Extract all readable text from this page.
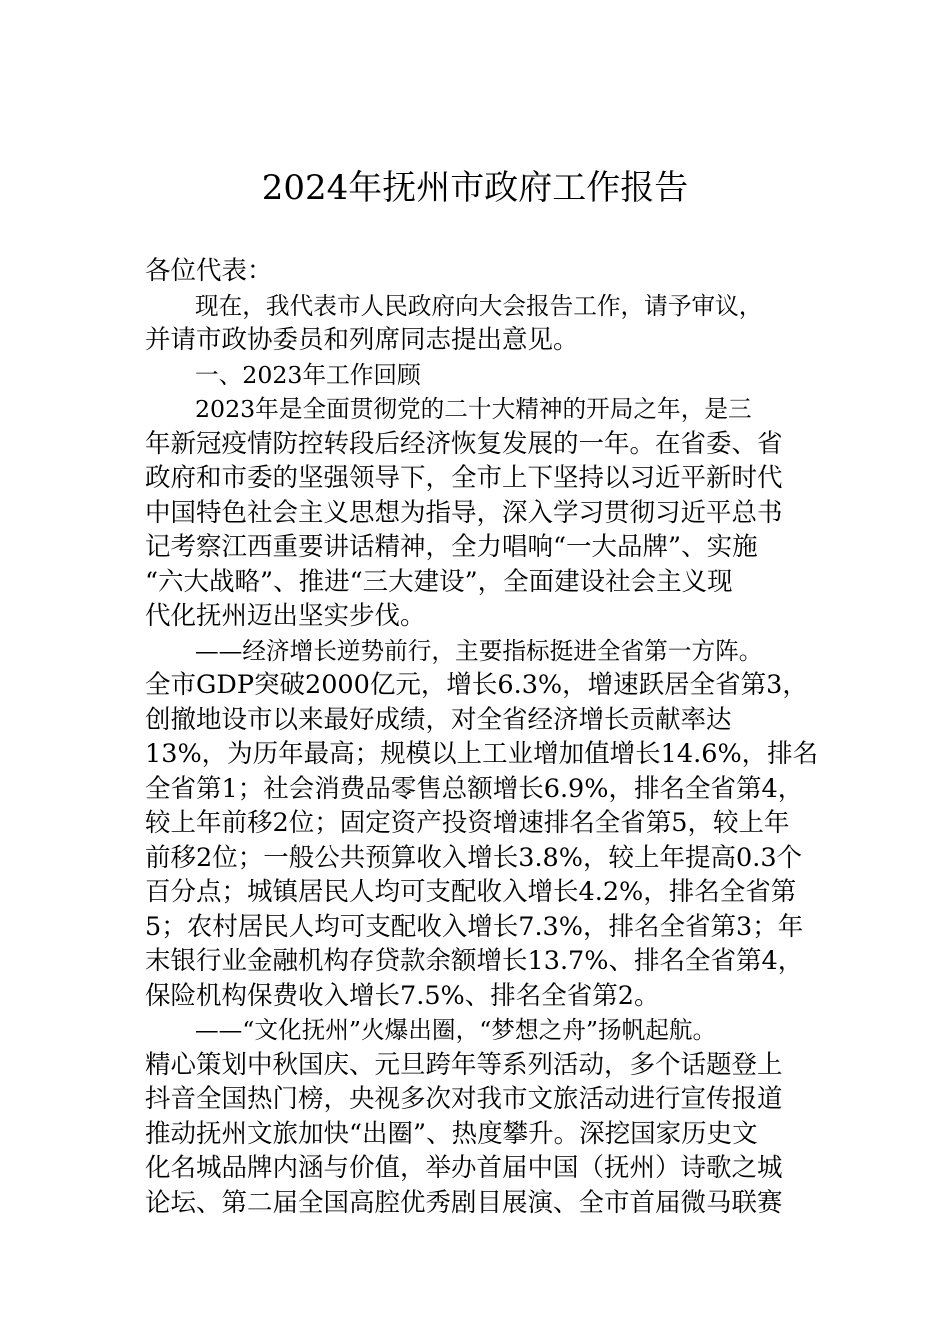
2024年抚州市政府工作报告

各位代表：

现在，我代表市人民政府向大会报告工作，请予审议，

并请市政协委员和列席同志提出意见。

一、2023年工作回顾

2023年是全面贯彻党的二十大精神的开局之年，是三

年新冠疫情防控转段后经济恢复发展的一年。在省委、省

政府和市委的坚强领导下，全市上下坚持以习近平新时代

中国特色社会主义思想为指导，深入学习贯彻习近平总书

记考察江西重要讲话精神，全力唱响“一大品牌”、实施

“六大战略”、推进“三大建设”，全面建设社会主义现

代化抚州迈出坚实步伐。

——经济增长逆势前行，主要指标挺进全省第一方阵。

全市GDP突破2000亿元，增长6.3%，增速跃居全省第3，

创撤地设市以来最好成绩，对全省经济增长贡献率达

13%，为历年最高；规模以上工业增加值增长14.6%，排名

全省第1；社会消费品零售总额增长6.9%，排名全省第4，

较上年前移2位；固定资产投资增速排名全省第5，较上年

前移2位；一般公共预算收入增长3.8%，较上年提高0.3个

百分点；城镇居民人均可支配收入增长4.2%，排名全省第

5；农村居民人均可支配收入增长7.3%，排名全省第3；年

末银行业金融机构存贷款余额增长13.7%、排名全省第4，

保险机构保费收入增长7.5%、排名全省第2。

——“文化抚州”火爆出圈，“梦想之舟”扬帆起航。

精心策划中秋国庆、元旦跨年等系列活动，多个话题登上

抖音全国热门榜，央视多次对我市文旅活动进行宣传报道

推动抚州文旅加快“出圈”、热度攀升。深挖国家历史文

化名城品牌内涵与价值，举办首届中国（抚州）诗歌之城

论坛、第二届全国高腔优秀剧目展演、全市首届微马联赛
